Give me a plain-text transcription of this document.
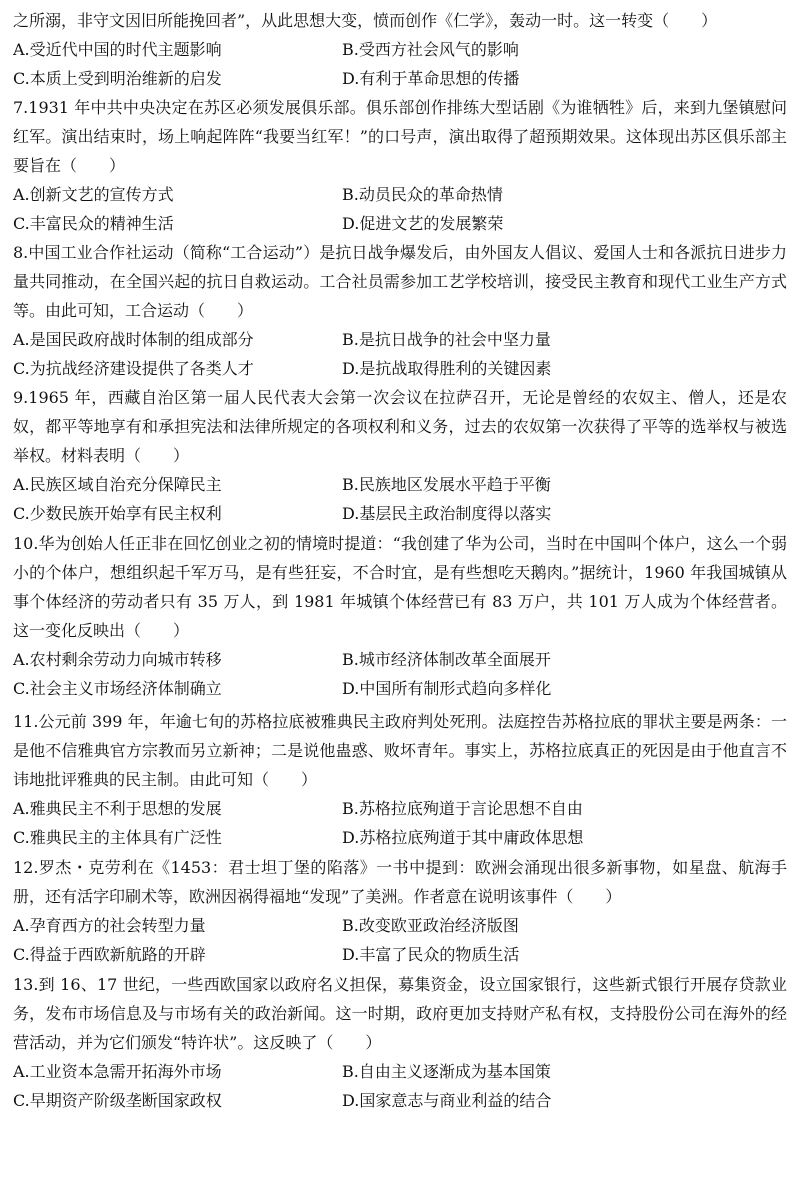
之所溺，非守文因旧所能挽回者”，从此思想大变，愤而创作《仁学》，轰动一时。这一转变（　　）

A.受近代中国的时代主题影响	B.受西方社会风气的影响
C.本质上受到明治维新的启发	D.有利于革命思想的传播

7.1931 年中共中央决定在苏区必须发展俱乐部。俱乐部创作排练大型话剧《为谁牺牲》后，来到九堡镇慰问红军。演出结束时，场上响起阵阵“我要当红军！”的口号声，演出取得了超预期效果。这体现出苏区俱乐部主要旨在（　　）

A.创新文艺的宣传方式	B.动员民众的革命热情
C.丰富民众的精神生活	D.促进文艺的发展繁荣

8.中国工业合作社运动（简称“工合运动”）是抗日战争爆发后，由外国友人倡议、爱国人士和各派抗日进步力量共同推动，在全国兴起的抗日自救运动。工合社员需参加工艺学校培训，接受民主教育和现代工业生产方式等。由此可知，工合运动（　　）

A.是国民政府战时体制的组成部分	B.是抗日战争的社会中坚力量
C.为抗战经济建设提供了各类人才	D.是抗战取得胜利的关键因素

9.1965 年，西藏自治区第一届人民代表大会第一次会议在拉萨召开，无论是曾经的农奴主、僧人，还是农奴，都平等地享有和承担宪法和法律所规定的各项权利和义务，过去的农奴第一次获得了平等的选举权与被选举权。材料表明（　　）

A.民族区域自治充分保障民主	B.民族地区发展水平趋于平衡
C.少数民族开始享有民主权利	D.基层民主政治制度得以落实

10.华为创始人任正非在回忆创业之初的情境时提道：“我创建了华为公司，当时在中国叫个体户，这么一个弱小的个体户，想组织起千军万马，是有些狂妄，不合时宜，是有些想吃天鹅肉。”据统计，1960 年我国城镇从事个体经济的劳动者只有 35 万人，到 1981 年城镇个体经营已有 83 万户，共 101 万人成为个体经营者。这一变化反映出（　　）

A.农村剩余劳动力向城市转移	B.城市经济体制改革全面展开
C.社会主义市场经济体制确立	D.中国所有制形式趋向多样化

11.公元前 399 年，年逾七旬的苏格拉底被雅典民主政府判处死刑。法庭控告苏格拉底的罪状主要是两条：一是他不信雅典官方宗教而另立新神；二是说他蛊惑、败坏青年。事实上，苏格拉底真正的死因是由于他直言不讳地批评雅典的民主制。由此可知（　　）

A.雅典民主不利于思想的发展	B.苏格拉底殉道于言论思想不自由
C.雅典民主的主体具有广泛性	D.苏格拉底殉道于其中庸政体思想

12.罗杰・克劳利在《1453：君士坦丁堡的陷落》一书中提到：欧洲会涌现出很多新事物，如星盘、航海手册，还有活字印刷术等，欧洲因祸得福地“发现”了美洲。作者意在说明该事件（　　）

A.孕育西方的社会转型力量	B.改变欧亚政治经济版图
C.得益于西欧新航路的开辟	D.丰富了民众的物质生活

13.到 16、17 世纪，一些西欧国家以政府名义担保，募集资金，设立国家银行，这些新式银行开展存贷款业务，发布市场信息及与市场有关的政治新闻。这一时期，政府更加支持财产私有权，支持股份公司在海外的经营活动，并为它们颁发“特许状”。这反映了（　　）

A.工业资本急需开拓海外市场	B.自由主义逐渐成为基本国策
C.早期资产阶级垄断国家政权	D.国家意志与商业利益的结合
